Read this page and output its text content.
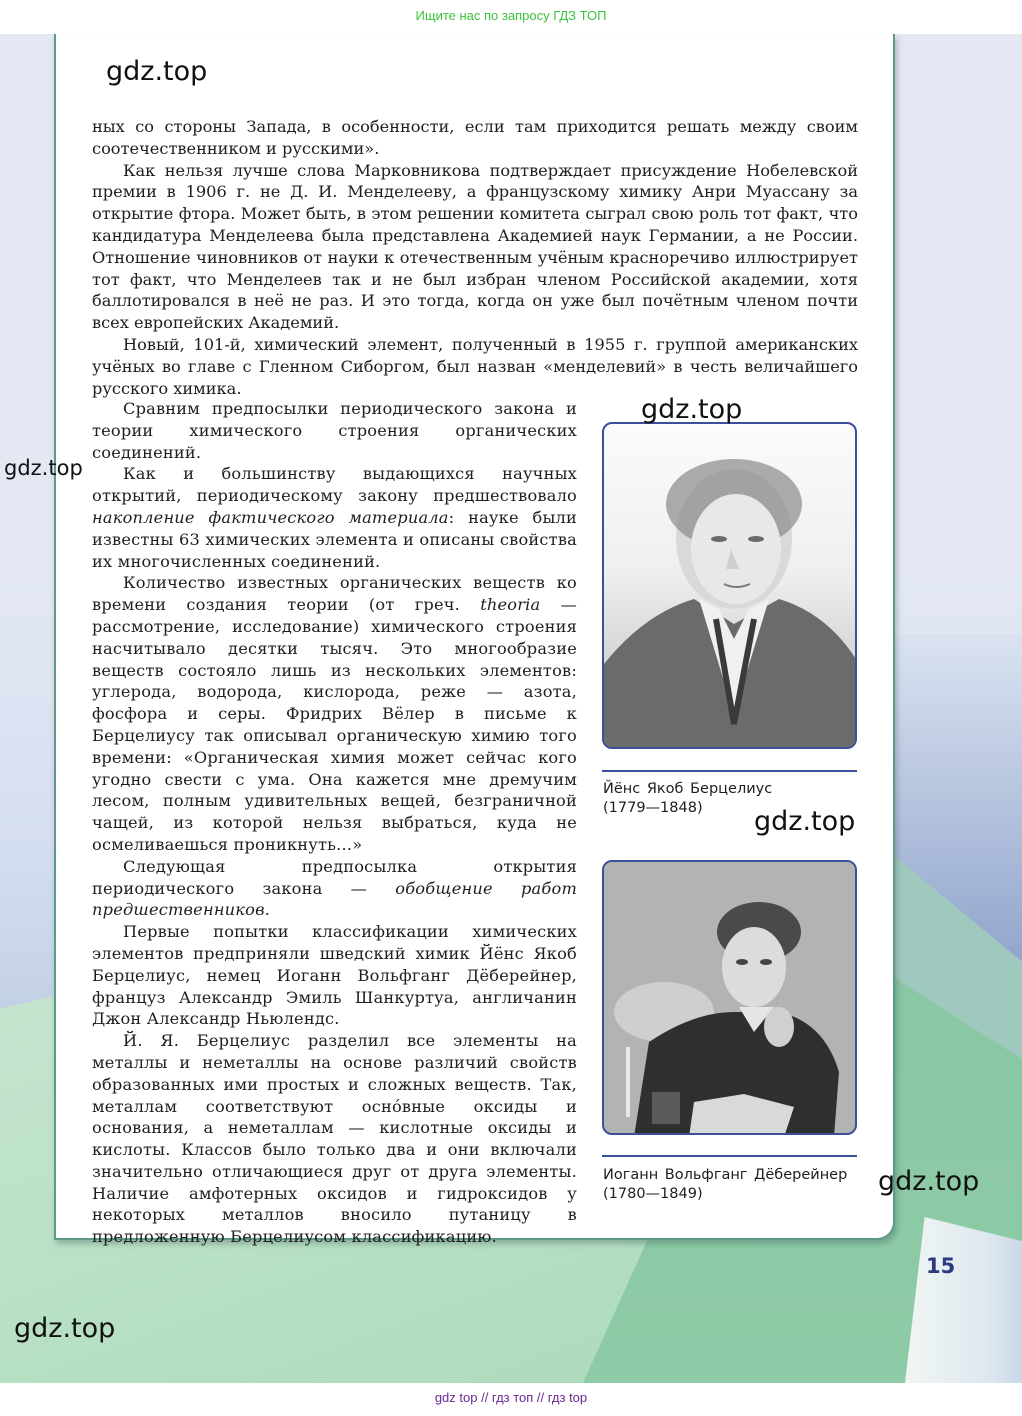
Ищите нас по запросу ГДЗ ТОП
15

ных со стороны Запада, в особенности, если там приходится решать между своим соотечественником и русскими».

Как нельзя лучше слова Марковникова подтверждает присуждение Нобелевской премии в 1906 г. не Д. И. Менделееву, а французскому химику Анри Муассану за открытие фтора. Может быть, в этом решении комитета сыграл свою роль тот факт, что кандидатура Менделеева была представлена Академией наук Германии, а не России. Отношение чиновников от науки к отечественным учёным красноречиво иллюстрирует тот факт, что Менделеев так и не был избран членом Российской академии, хотя баллотировался в неё не раз. И это тогда, когда он уже был почётным членом почти всех европейских Академий.

Новый, 101-й, химический элемент, полученный в 1955 г. группой американских учёных во главе с Гленном Сиборгом, был назван «менделевий» в честь величайшего русского химика.

Сравним предпосылки периодического закона и теории химического строения органических соединений.

Как и большинству выдающихся научных открытий, периодическому закону предшествовало накопление фактического материала: науке были известны 63 химических элемента и описаны свойства их многочисленных соединений.

Количество известных органических веществ ко времени создания теории (от греч. theoria — рассмотрение, исследование) химического строения насчитывало десятки тысяч. Это многообразие веществ состояло лишь из нескольких элементов: углерода, водорода, кислорода, реже — азота, фосфора и серы. Фридрих Вёлер в письме к Берцелиусу так описывал органическую химию того времени: «Органическая химия может сейчас кого угодно свести с ума. Она кажется мне дремучим лесом, полным удивительных вещей, безграничной чащей, из которой нельзя выбраться, куда не осмеливаешься проникнуть...»

Следующая предпосылка открытия периодического закона — обобщение работ предшественников.

Первые попытки классификации химических элементов предприняли шведский химик Йёнс Якоб Берцелиус, немец Иоганн Вольфганг Дёберейнер, француз Александр Эмиль Шанкуртуа, англичанин Джон Александр Ньюлендс.

Й. Я. Берцелиус разделил все элементы на металлы и неметаллы на основе различий свойств образованных ими простых и сложных веществ. Так, металлам соответствуют осно́вные оксиды и основания, а неметаллам — кислотные оксиды и кислоты. Классов было только два и они включали значительно отличающиеся друг от друга элементы. Наличие амфотерных оксидов и гидроксидов у некоторых металлов вносило путаницу в предложенную Берцелиусом классификацию.

Йёнс Якоб Берцелиус
(1779—1848)
Иоганн Вольфганг Дёберейнер
(1780—1849)
gdz.top
gdz.top
gdz.top
gdz.top
gdz.top
gdz.top
gdz top // гдз топ // гдз top
